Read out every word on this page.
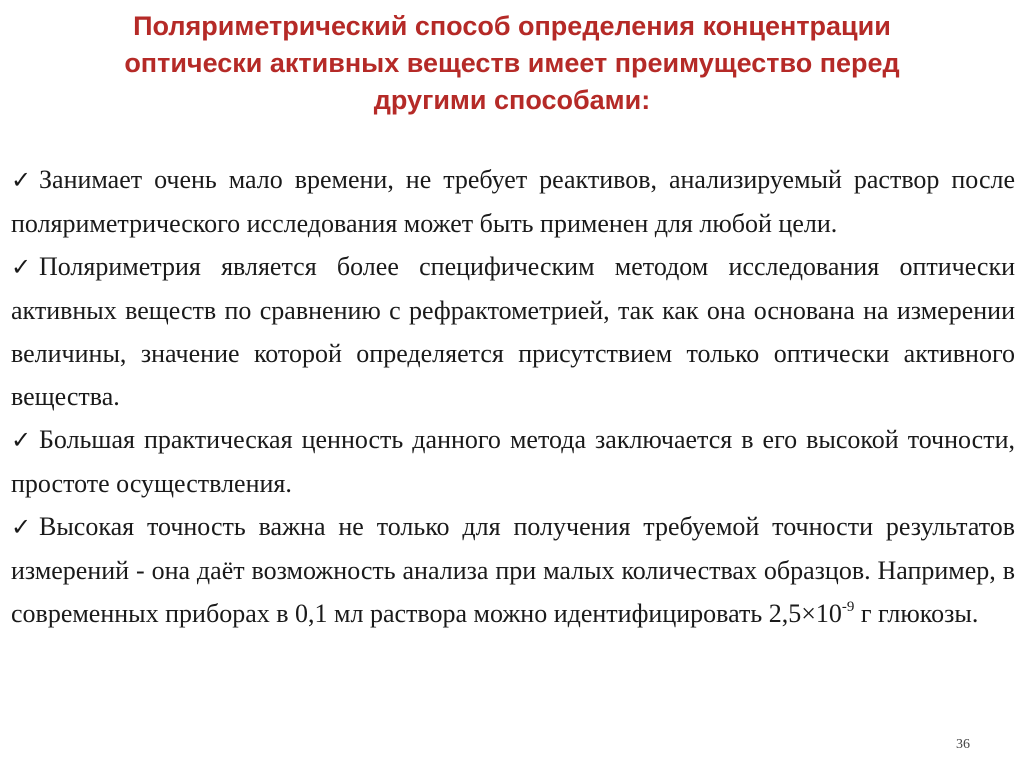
Поляриметрический способ определения концентрации
оптически активных веществ имеет преимущество перед
другими способами:

✓ Занимает очень мало времени, не требует реактивов, анализируемый раствор после поляриметрического исследования может быть применен для любой цели.

✓ Поляриметрия является более специфическим методом исследования оптически активных веществ по сравнению с рефрактометрией, так как она основана на измерении величины, значение которой определяется присутствием только оптически активного вещества.

✓ Большая практическая ценность данного метода заключается в его высокой точности, простоте осуществления.

✓ Высокая точность важна не только для получения требуемой точности результатов измерений - она даёт возможность анализа при малых количествах образцов. Например, в современных приборах в 0,1 мл раствора можно идентифицировать $2,5\times 10^{-9}$ г глюкозы.

36
